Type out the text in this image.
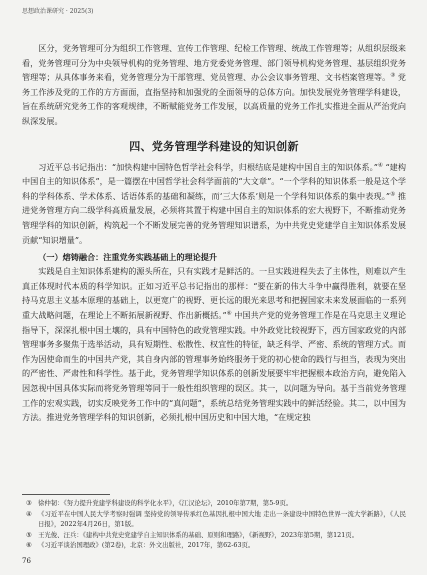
思想政治课研究 · 2025(3)

区分，党务管理可分为组织工作管理、宣传工作管理、纪检工作管理、统战工作管理等；从组织层级来看，党务管理可分为中央领导机构的党务管理、地方党委党务管理、部门领导机构党务管理、基层组织党务管理等；从具体事务来看，党务管理分为干部管理、党员管理、办公会议事务管理、文书档案管理等。③ 党务工作涉及党的工作的方方面面，直指坚持和加强党的全面领导的总体方向。加快发展党务管理学科建设，旨在系统研究党务工作的客观规律，不断赋能党务工作发展，以高质量的党务工作扎实推进全面从严治党向纵深发展。

四、党务管理学科建设的知识创新

习近平总书记指出：“加快构建中国特色哲学社会科学，归根结底是建构中国自主的知识体系。”④ “建构中国自主的知识体系”，是一篇摆在中国哲学社会科学面前的“大文章”。“一个学科的知识体系一般是这个学科的学科体系、学术体系、话语体系的基础和凝练，而‘三大体系’则是一个学科知识体系的集中表现。”⑤ 推进党务管理方向二级学科高质量发展，必须将其置于构建中国自主的知识体系的宏大视野下，不断推动党务管理学科的知识创新，构筑起一个不断发展完善的党务管理知识谱系，为中共党史党建学自主知识体系发展贡献“知识增量”。

（一）熔铸融合：注重党务实践基础上的理论提升

实践是自主知识体系建构的源头所在，只有实践才是鲜活的。一旦实践进程失去了主体性，则难以产生真正体现时代本质的科学知识。正如习近平总书记指出的那样：“要在新的伟大斗争中赢得胜利，就要在坚持马克思主义基本原理的基础上，以更宽广的视野、更长远的眼光来思考和把握国家未来发展面临的一系列重大战略问题，在理论上不断拓展新视野、作出新概括。”⑥ 中国共产党的党务管理工作是在马克思主义理论指导下，深深扎根中国土壤的，具有中国特色的政党管理实践。中外政党比较视野下，西方国家政党的内部管理事务多聚焦于选举活动，具有短期性、松散性、权宜性的特征，缺乏科学、严密、系统的管理方式。而作为因使命而生的中国共产党，其自身内部的管理事务始终服务于党的初心使命的践行与担当，表现为突出的严密性、严肃性和科学性。基于此，党务管理学知识体系的创新发展要牢牢把握根本政治方向，避免陷入因忽视中国具体实际而将党务管理等同于一般性组织管理的误区。其一，以问题为导向。基于当前党务管理工作的宏观实践，切实反映党务工作中的“真问题”，系统总结党务管理实践中的鲜活经验。其二，以中国为方法。推进党务管理学科的知识创新，必须扎根中国历史和中国大地，“在规定独

③ 徐仲韧：《努力提升党建学科建设的科学化水平》，《江汉论坛》，2010年第7期，第5-9页。
④ 《习近平在中国人民大学考察时强调 坚持党的领导传承红色基因扎根中国大地 走出一条建设中国特色世界一流大学新路》，《人民日报》，2022年4月26日，第1版。
⑤ 王光俊、汪兵：《建构中共党史党建学自主知识体系的基础、原则和理路》，《新视野》，2023年第5期，第121页。
⑥ 《习近平谈治国理政》(第2卷)，北京：外文出版社，2017年，第62-63页。
76
